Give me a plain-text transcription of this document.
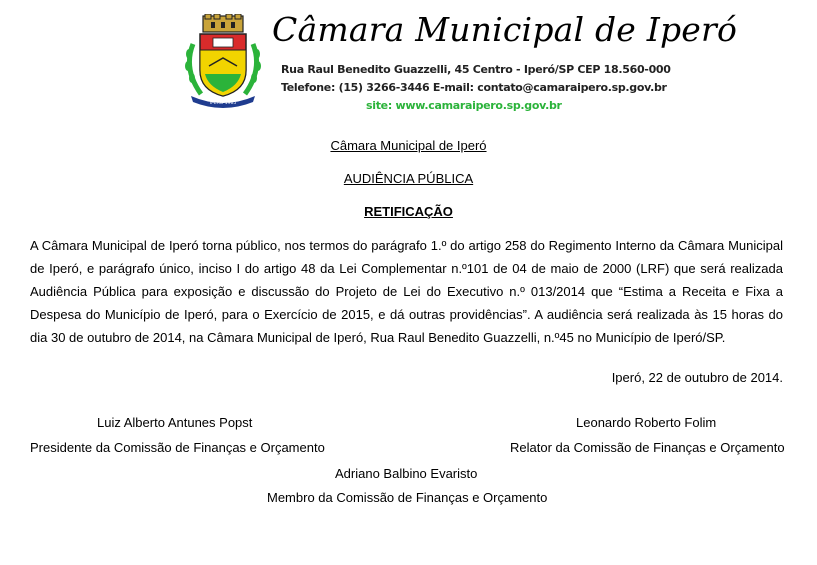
IPERÓ 1965
Câmara Municipal de Iperó
Rua Raul Benedito Guazzelli, 45 Centro - Iperó/SP CEP 18.560-000
Telefone: (15) 3266-3446 E-mail: contato@camaraipero.sp.gov.br
site: www.camaraipero.sp.gov.br
Câmara Municipal de Iperó
AUDIÊNCIA PÚBLICA
RETIFICAÇÃO
A Câmara Municipal de Iperó torna público, nos termos do parágrafo 1.º do artigo 258 do Regimento Interno da Câmara Municipal de Iperó, e parágrafo único, inciso I do artigo 48 da Lei Complementar n.º101 de 04 de maio de 2000 (LRF) que será realizada Audiência Pública para exposição e discussão do Projeto de Lei do Executivo n.º 013/2014 que “Estima a Receita e Fixa a Despesa do Município de Iperó, para o Exercício de 2015, e dá outras providências”. A audiência será realizada às 15 horas do dia 30 de outubro de 2014, na Câmara Municipal de Iperó, Rua Raul Benedito Guazzelli, n.º45 no Município de Iperó/SP.
Iperó, 22 de outubro de 2014.
Luiz Alberto Antunes Popst
Presidente da Comissão de Finanças e Orçamento
Leonardo Roberto Folim
Relator da Comissão de Finanças e Orçamento
Adriano Balbino Evaristo
Membro da Comissão de Finanças e Orçamento
